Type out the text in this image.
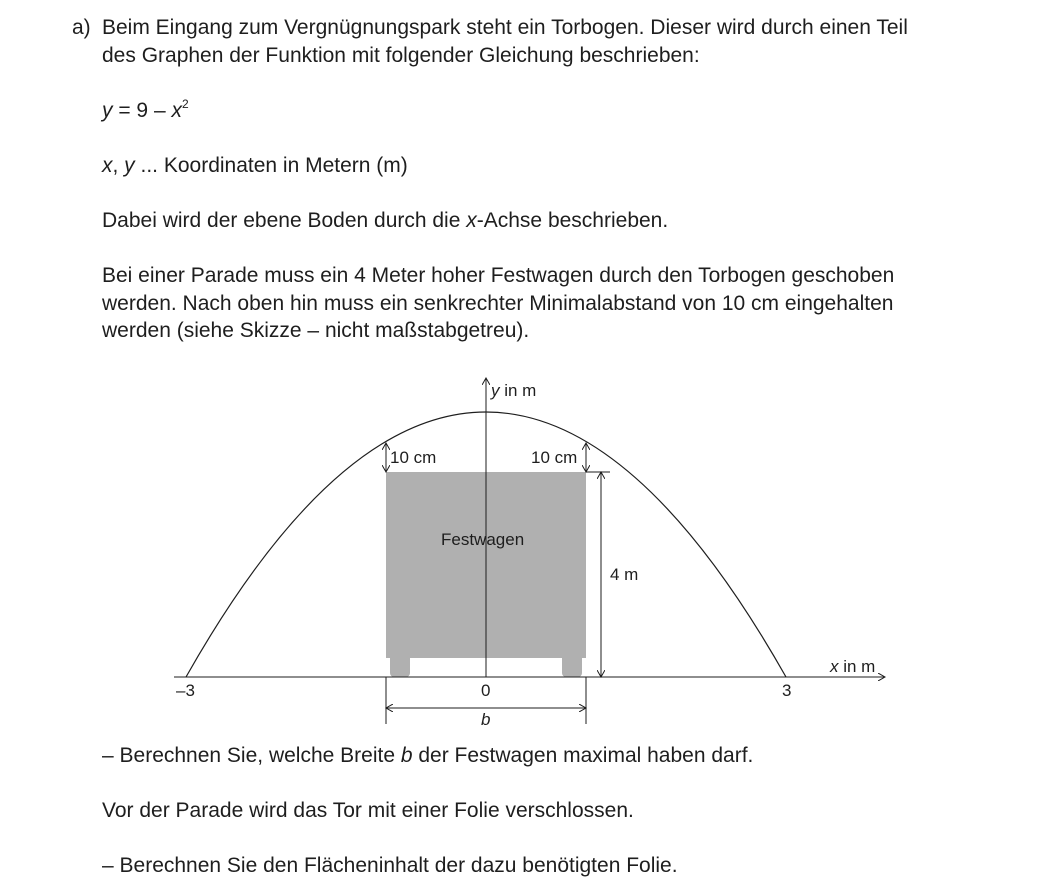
a) Beim Eingang zum Vergnügnungspark steht ein Torbogen. Dieser wird durch einen Teil
des Graphen der Funktion mit folgender Gleichung beschrieben:
$y = 9 - x^2$
x, y ... Koordinaten in Metern (m)
Dabei wird der ebene Boden durch die x-Achse beschrieben.
Bei einer Parade muss ein 4 Meter hoher Festwagen durch den Torbogen geschoben
werden. Nach oben hin muss ein senkrechter Minimalabstand von 10 cm eingehalten
werden (siehe Skizze – nicht maßstabgetreu).
y in m
x in m
–3	0	3
10 cm	10 cm
Festwagen
4 m
b
– Berechnen Sie, welche Breite b der Festwagen maximal haben darf.
Vor der Parade wird das Tor mit einer Folie verschlossen.
– Berechnen Sie den Flächeninhalt der dazu benötigten Folie.
